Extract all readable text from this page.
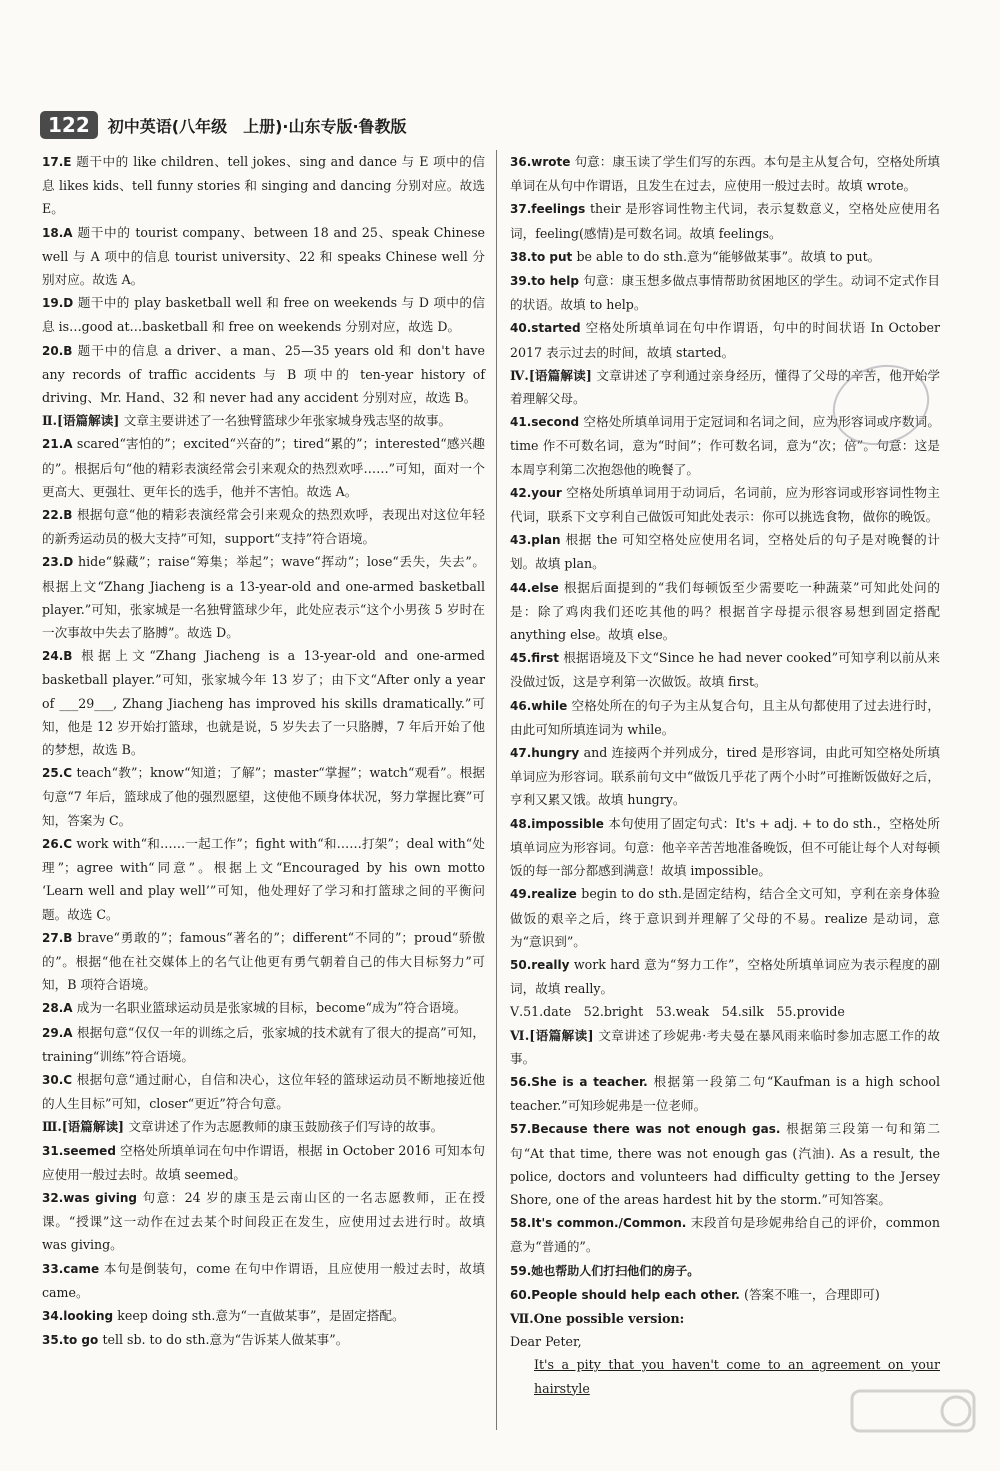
122	初中英语(八年级　上册)·山东专版·鲁教版
17.E 题干中的 like children、tell jokes、sing and dance 与 E 项中的信息 likes kids、tell funny stories 和 singing and dancing 分别对应。故选 E。
18.A 题干中的 tourist company、between 18 and 25、speak Chinese well 与 A 项中的信息 tourist university、22 和 speaks Chinese well 分别对应。故选 A。
19.D 题干中的 play basketball well 和 free on weekends 与 D 项中的信息 is…good at…basketball 和 free on weekends 分别对应，故选 D。
20.B 题干中的信息 a driver、a man、25—35 years old 和 don't have any records of traffic accidents 与 B 项中的 ten-year history of driving、Mr. Hand、32 和 never had any accident 分别对应，故选 B。
Ⅱ.[语篇解读] 文章主要讲述了一名独臂篮球少年张家城身残志坚的故事。
21.A scared“害怕的”；excited“兴奋的”；tired“累的”；interested“感兴趣的”。根据后句“他的精彩表演经常会引来观众的热烈欢呼……”可知，面对一个更高大、更强壮、更年长的选手，他并不害怕。故选 A。
22.B 根据句意“他的精彩表演经常会引来观众的热烈欢呼，表现出对这位年轻的新秀运动员的极大支持”可知，support“支持”符合语境。
23.D hide“躲藏”；raise“筹集；举起”；wave“挥动”；lose“丢失，失去”。根据上文“Zhang Jiacheng is a 13-year-old and one-armed basketball player.”可知，张家城是一名独臂篮球少年，此处应表示“这个小男孩 5 岁时在一次事故中失去了胳膊”。故选 D。
24.B 根据上文“Zhang Jiacheng is a 13-year-old and one-armed basketball player.”可知，张家城今年 13 岁了；由下文“After only a year of ___29___, Zhang Jiacheng has improved his skills dramatically.”可知，他是 12 岁开始打篮球，也就是说，5 岁失去了一只胳膊，7 年后开始了他的梦想，故选 B。
25.C teach“教”；know“知道；了解”；master“掌握”；watch“观看”。根据句意“7 年后，篮球成了他的强烈愿望，这使他不顾身体状况，努力掌握比赛”可知，答案为 C。
26.C work with“和……一起工作”；fight with“和……打架”；deal with“处理”；agree with“同意”。根据上文“Encouraged by his own motto ‘Learn well and play well’”可知，他处理好了学习和打篮球之间的平衡问题。故选 C。
27.B brave“勇敢的”；famous“著名的”；different“不同的”；proud“骄傲的”。根据“他在社交媒体上的名气让他更有勇气朝着自己的伟大目标努力”可知，B 项符合语境。
28.A 成为一名职业篮球运动员是张家城的目标，become“成为”符合语境。
29.A 根据句意“仅仅一年的训练之后，张家城的技术就有了很大的提高”可知，training“训练”符合语境。
30.C 根据句意“通过耐心，自信和决心，这位年轻的篮球运动员不断地接近他的人生目标”可知，closer“更近”符合句意。
Ⅲ.[语篇解读] 文章讲述了作为志愿教师的康玉鼓励孩子们写诗的故事。
31.seemed 空格处所填单词在句中作谓语，根据 in October 2016 可知本句应使用一般过去时。故填 seemed。
32.was giving 句意：24 岁的康玉是云南山区的一名志愿教师，正在授课。“授课”这一动作在过去某个时间段正在发生，应使用过去进行时。故填 was giving。
33.came 本句是倒装句，come 在句中作谓语，且应使用一般过去时，故填 came。
34.looking keep doing sth.意为“一直做某事”，是固定搭配。
35.to go tell sb. to do sth.意为“告诉某人做某事”。
36.wrote 句意：康玉读了学生们写的东西。本句是主从复合句，空格处所填单词在从句中作谓语，且发生在过去，应使用一般过去时。故填 wrote。
37.feelings their 是形容词性物主代词，表示复数意义，空格处应使用名词，feeling(感情)是可数名词。故填 feelings。
38.to put be able to do sth.意为“能够做某事”。故填 to put。
39.to help 句意：康玉想多做点事情帮助贫困地区的学生。动词不定式作目的状语。故填 to help。
40.started 空格处所填单词在句中作谓语，句中的时间状语 In October 2017 表示过去的时间，故填 started。
Ⅳ.[语篇解读] 文章讲述了亨利通过亲身经历，懂得了父母的辛苦，他开始学着理解父母。
41.second 空格处所填单词用于定冠词和名词之间，应为形容词或序数词。time 作不可数名词，意为“时间”；作可数名词，意为“次；倍”。句意：这是本周亨利第二次抱怨他的晚餐了。
42.your 空格处所填单词用于动词后，名词前，应为形容词或形容词性物主代词，联系下文亨利自己做饭可知此处表示：你可以挑选食物，做你的晚饭。
43.plan 根据 the 可知空格处应使用名词，空格处后的句子是对晚餐的计划。故填 plan。
44.else 根据后面提到的“我们每顿饭至少需要吃一种蔬菜”可知此处问的是：除了鸡肉我们还吃其他的吗？根据首字母提示很容易想到固定搭配 anything else。故填 else。
45.first 根据语境及下文“Since he had never cooked”可知亨利以前从来没做过饭，这是亨利第一次做饭。故填 first。
46.while 空格处所在的句子为主从复合句，且主从句都使用了过去进行时，由此可知所填连词为 while。
47.hungry and 连接两个并列成分，tired 是形容词，由此可知空格处所填单词应为形容词。联系前句文中“做饭几乎花了两个小时”可推断饭做好之后，亨利又累又饿。故填 hungry。
48.impossible 本句使用了固定句式：It's + adj. + to do sth.，空格处所填单词应为形容词。句意：他辛辛苦苦地准备晚饭，但不可能让每个人对每顿饭的每一部分都感到满意！故填 impossible。
49.realize begin to do sth.是固定结构，结合全文可知，亨利在亲身体验做饭的艰辛之后，终于意识到并理解了父母的不易。realize 是动词，意为“意识到”。
50.really work hard 意为“努力工作”，空格处所填单词应为表示程度的副词，故填 really。
Ⅴ.51.date　52.bright　53.weak　54.silk　55.provide
Ⅵ.[语篇解读] 文章讲述了珍妮弗·考夫曼在暴风雨来临时参加志愿工作的故事。
56.She is a teacher. 根据第一段第二句“Kaufman is a high school teacher.”可知珍妮弗是一位老师。
57.Because there was not enough gas. 根据第三段第一句和第二句“At that time, there was not enough gas (汽油). As a result, the police, doctors and volunteers had difficulty getting to the Jersey Shore, one of the areas hardest hit by the storm.”可知答案。
58.It's common./Common. 末段首句是珍妮弗给自己的评价，common 意为“普通的”。
59.她也帮助人们打扫他们的房子。
60.People should help each other. (答案不唯一，合理即可)
Ⅶ.One possible version:
Dear Peter,
It's a pity that you haven't come to an agreement on your hairstyle
